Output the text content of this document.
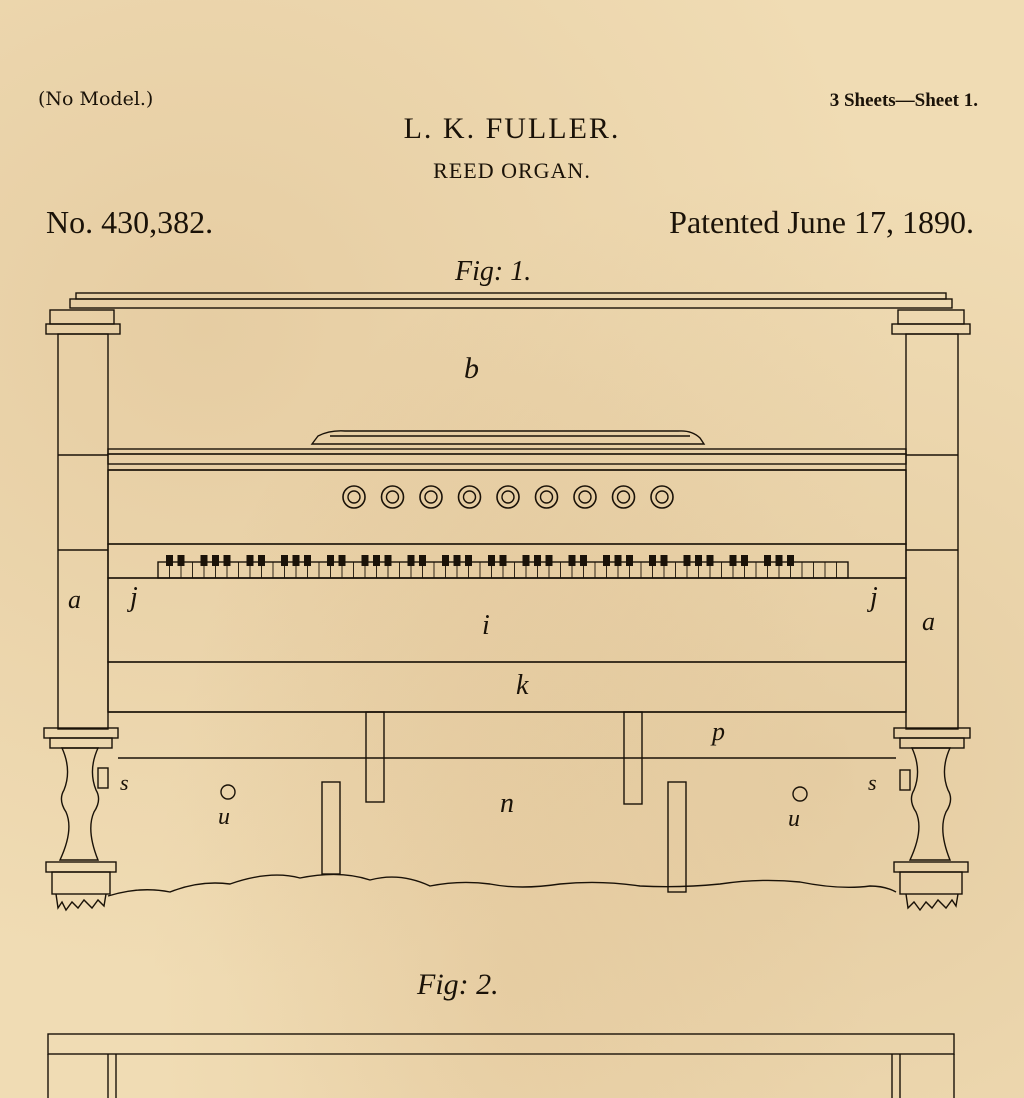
(No Model.)	3 Sheets—Sheet 1.
L. K. FULLER.
REED ORGAN.
No. 430,382.	Patented June 17, 1890.
Fig: 1.
Fig: 2.
b
a
a
j	j
i
k
p
s	s
u	u
n
